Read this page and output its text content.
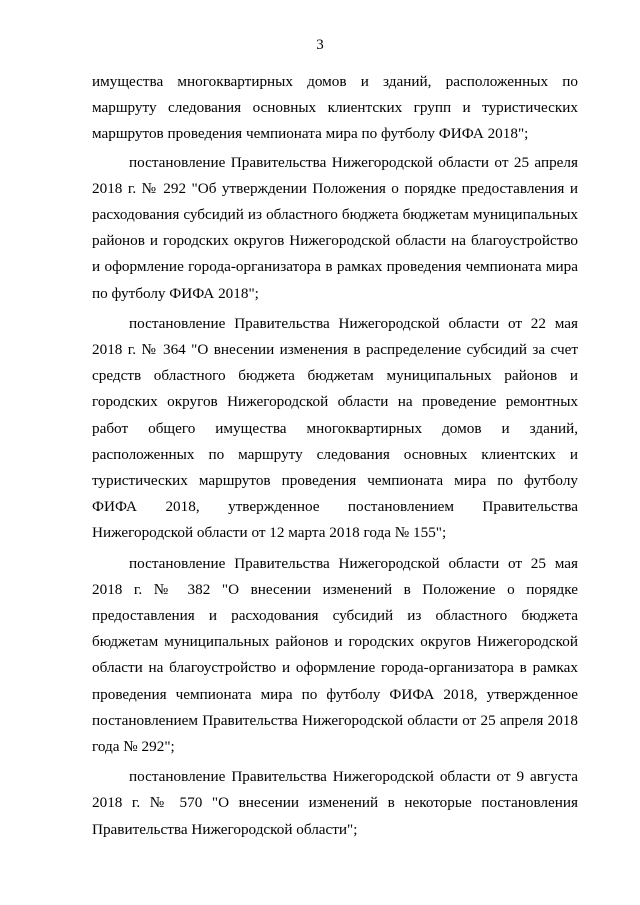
3

имущества многоквартирных домов и зданий, расположенных по маршруту следования основных клиентских групп и туристических маршрутов проведения чемпионата мира по футболу ФИФА 2018";

постановление Правительства Нижегородской области от 25 апреля 2018 г. № 292 "Об утверждении Положения о порядке предоставления и расходования субсидий из областного бюджета бюджетам муниципальных районов и городских округов Нижегородской области на благоустройство и оформление города-организатора в рамках проведения чемпионата мира по футболу ФИФА 2018";

постановление Правительства Нижегородской области от 22 мая 2018 г. № 364 "О внесении изменения в распределение субсидий за счет средств областного бюджета бюджетам муниципальных районов и городских округов Нижегородской области на проведение ремонтных работ общего имущества многоквартирных домов и зданий, расположенных по маршруту следования основных клиентских и туристических маршрутов проведения чемпионата мира по футболу ФИФА 2018, утвержденное постановлением Правительства Нижегородской области от 12 марта 2018 года № 155";

постановление Правительства Нижегородской области от 25 мая 2018 г. № 382 "О внесении изменений в Положение о порядке предоставления и расходования субсидий из областного бюджета бюджетам муниципальных районов и городских округов Нижегородской области на благоустройство и оформление города-организатора в рамках проведения чемпионата мира по футболу ФИФА 2018, утвержденное постановлением Правительства Нижегородской области от 25 апреля 2018 года № 292";

постановление Правительства Нижегородской области от 9 августа 2018 г. № 570 "О внесении изменений в некоторые постановления Правительства Нижегородской области";
